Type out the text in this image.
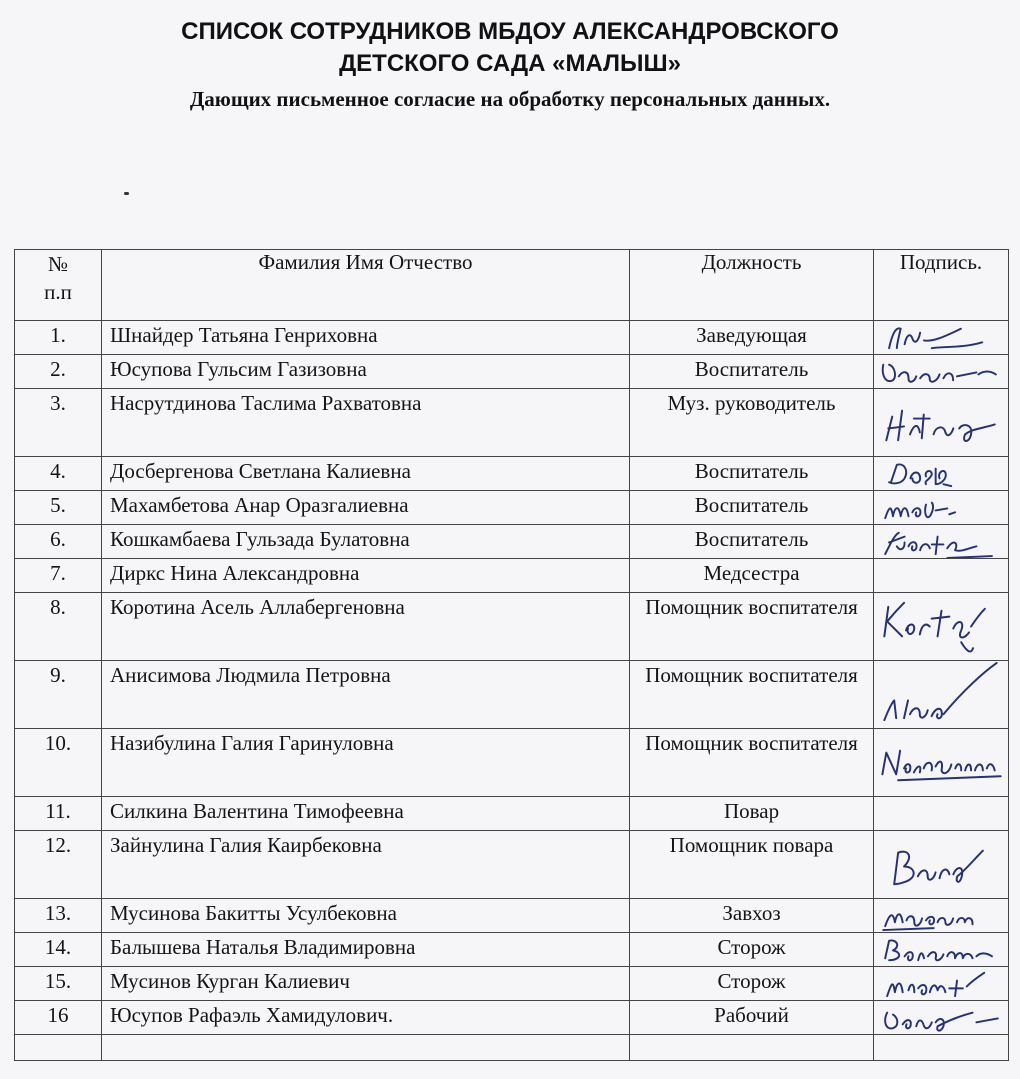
СПИСОК СОТРУДНИКОВ МБДОУ АЛЕКСАНДРОВСКОГО
ДЕТСКОГО САДА «МАЛЫШ»
Дающих письменное согласие на обработку персональных данных.
№
п.п	Фамилия Имя Отчество	Должность	Подпись.
1.	Шнайдер Татьяна Генриховна	Заведующая	

2.	Юсупова Гульсим Газизовна	Воспитатель	

3.	Насрутдинова Таслима Рахватовна	Муз. руководитель	

4.	Досбергенова Светлана Калиевна	Воспитатель	

5.	Махамбетова Анар Оразгалиевна	Воспитатель	

6.	Кошкамбаева Гульзада Булатовна	Воспитатель	

7.	Диркс Нина Александровна	Медсестра	
8.	Коротина Асель Аллабергеновна	Помощник воспитателя	

9.	Анисимова Людмила Петровна	Помощник воспитателя	

10.	Назибулина Галия Гаринуловна	Помощник воспитателя	

11.	Силкина Валентина Тимофеевна	Повар	
12.	Зайнулина Галия Каирбековна	Помощник повара	

13.	Мусинова Бакитты Усулбековна	Завхоз	

14.	Балышева Наталья Владимировна	Сторож	

15.	Мусинов Курган Калиевич	Сторож	

16	Юсупов Рафаэль Хамидулович.	Рабочий	
